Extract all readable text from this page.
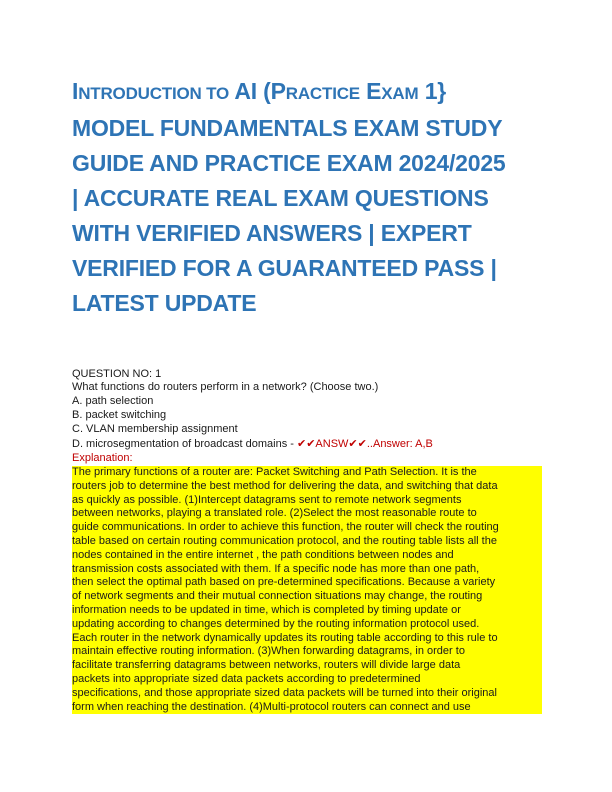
INTRODUCTION TO AI (PRACTICE EXAM 1}
MODEL FUNDAMENTALS EXAM STUDY
GUIDE AND PRACTICE EXAM 2024/2025
| ACCURATE REAL EXAM QUESTIONS
WITH VERIFIED ANSWERS | EXPERT
VERIFIED FOR A GUARANTEED PASS |
LATEST UPDATE

QUESTION NO: 1

What functions do routers perform in a network? (Choose two.)

A. path selection

B. packet switching

C. VLAN membership assignment

D. microsegmentation of broadcast domains - ✔✔ANSW✔✔..Answer: A,B

Explanation:

The primary functions of a router are: Packet Switching and Path Selection. It is the
routers job to determine the best method for delivering the data, and switching that data
as quickly as possible. (1)Intercept datagrams sent to remote network segments
between networks, playing a translated role. (2)Select the most reasonable route to
guide communications. In order to achieve this function, the router will check the routing
table based on certain routing communication protocol, and the routing table lists all the
nodes contained in the entire internet , the path conditions between nodes and
transmission costs associated with them. If a specific node has more than one path,
then select the optimal path based on pre-determined specifications. Because a variety
of network segments and their mutual connection situations may change, the routing
information needs to be updated in time, which is completed by timing update or
updating according to changes determined by the routing information protocol used.
Each router in the network dynamically updates its routing table according to this rule to
maintain effective routing information. (3)When forwarding datagrams, in order to
facilitate transferring datagrams between networks, routers will divide large data
packets into appropriate sized data packets according to predetermined
specifications, and those appropriate sized data packets will be turned into their original
form when reaching the destination. (4)Multi-protocol routers can connect and use
